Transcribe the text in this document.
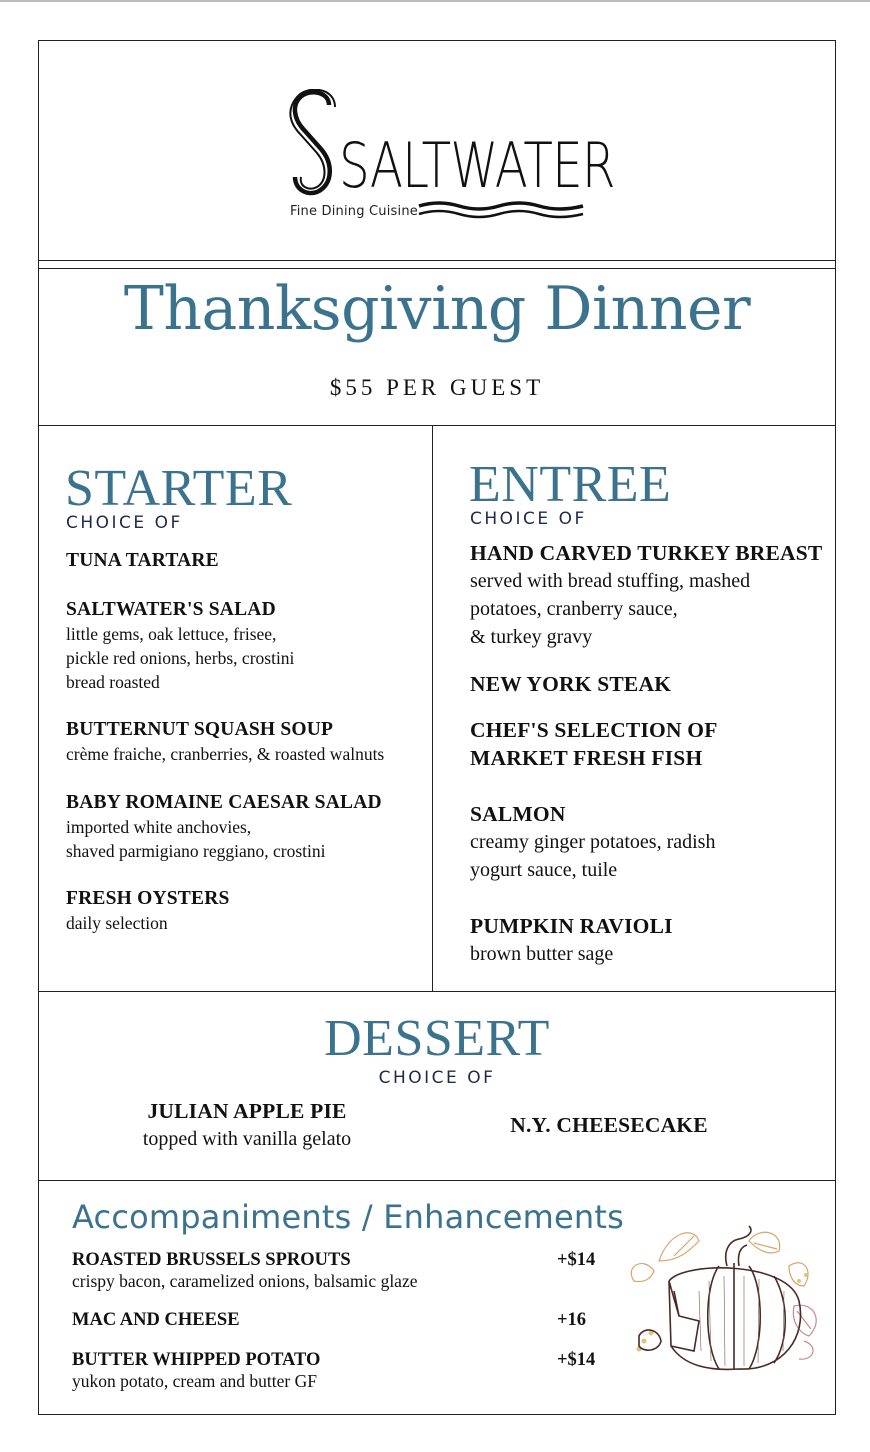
SALTWATER
Fine Dining Cuisine
Thanksgiving Dinner
$55 PER GUEST
STARTER
CHOICE OF
TUNA TARTARE
SALTWATER'S SALAD
little gems, oak lettuce, frisee,
pickle red onions, herbs, crostini
bread roasted
BUTTERNUT SQUASH SOUP
crème fraiche, cranberries, & roasted walnuts
BABY ROMAINE CAESAR SALAD
imported white anchovies,
shaved parmigiano reggiano, crostini
FRESH OYSTERS
daily selection
ENTREE
CHOICE OF
HAND CARVED TURKEY BREAST
served with bread stuffing, mashed
potatoes, cranberry sauce,
& turkey gravy
NEW YORK STEAK
CHEF'S SELECTION OF
MARKET FRESH FISH
SALMON
creamy ginger potatoes, radish
yogurt sauce, tuile
PUMPKIN RAVIOLI
brown butter sage
DESSERT
CHOICE OF
JULIAN APPLE PIE
topped with vanilla gelato
N.Y. CHEESECAKE
Accompaniments / Enhancements
ROASTED BRUSSELS SPROUTS
crispy bacon, caramelized onions, balsamic glaze
+$14
MAC AND CHEESE	+16
BUTTER WHIPPED POTATO
yukon potato, cream and butter GF
+$14
